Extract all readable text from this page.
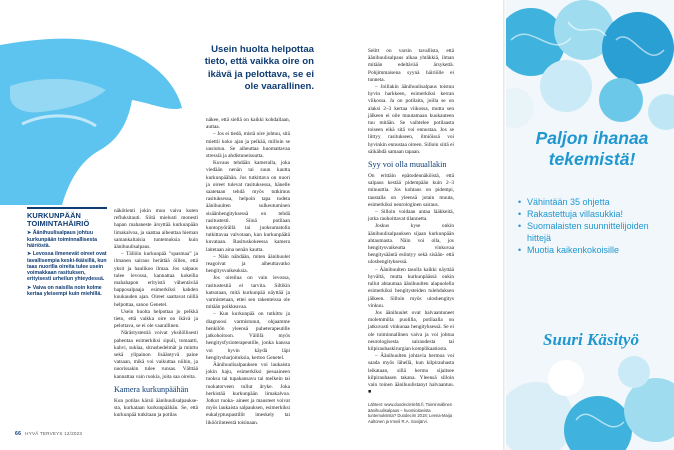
Usein huolta helpottaa tieto, että vaikka oire on ikävä ja pelottava, se ei ole vaarallinen.
KURKUNPÄÄN TOIMINTAHÄIRIÖ

➤ Äänihuulisalpaus johtuu kurkunpään toiminnallisesta häiriöstä.

➤ Levossa ilmenevät oireet ovat tavallisempia keski-ikäisillä, kun taas nuorilla oireita tulee usein voimakkaan rasituksen, erityisesti urheilun yhteydessä.

➤ Vaiva on naisilla noin kolme kertaa yleisempi kuin miehillä.

näkötienti jokin muu vaiva kuten refluksitauti. Siitä mielusti monesti hapan mahaneste ärsyttää kurkunpään limakalvoa, ja saattaa aiheuttaa hieman samankaltaisia tuntemuksia kuin äänihuulisalpaus.

– Tällöin kurkunpää ”spasmaa” ja ilmanen sairaus herättää öillen, että yksit ja haulikoo ilmaa. Jos salpaus tulee levossa, kannattaa kokeilla mahahapon erityistä vähentävää happosalpaaja esimerkiksi kahden kuukauden ajan. Oireet saattavat niillä helpottaa, sanoo Genetel.

Usein huolta helpottaa jo pelkkä tieto, että vaikka oire on ikävä ja pelottava, se ei ole vaarallinen.

Närästystestiä voivat yksilöllisesti pahentaa esimerkiksi sipuli, tomaatti, kahvi, suklaa, sitrushedelmät ja minttu sekä ylipainon lisääntyvä paine vatsaan, mikä voi vaikuttaa niihin, ja nuorissakin tulee runsas. Välttää kannattaa vain ruokia, joita saa oireita.

Kamera kurkunpäähän

Kun potilas kärsii äänihuulisalpauksesta, kurkataan kurkunpäähän. Se, että kurkunpää tutkitaan ja potilas

näkee, että siellä on kaikki kohdallaan, auttaa.

– Jos ei tiedä, mistä oire johtuu, sitä miettii koko ajan ja pelkää, milloin se uusiutuu. Se aiheuttaa huomattavaa stressiä ja ahdistuneisuutta.

Kuvaus tehdään kameralla, joka viedään nenän tai suun kautta kurkunpäähän. Jos tutkittava on nuori ja oireet tulevat rasituksessa, hänelle saatetaan tehdä myös tutkimus rasituksessa, helpoin tapa todeta äänihuulten sulkeutuminen sisäänhengityksessä on tehdä rasitustesti. Siinä potilaan kuntopyörällä tai juoksumatolla tutkittavaa valvotaan, kun kurkunpäätä kuvataan. Rasituskokeessa kamera laitetaan aina nenän kautta.

– Näin nähdään, miten äänihuulet reagoivat ja aiheuttavatko hengitysvaikeuksia.

Jos oireilua on vain levossa, rasitustestiä ei tarvita. Siltikin katsotaan, mitä kurkunpää näyttää ja varmistetaan, ettei sen rakenteissa ole mitään poikkeavaa.

– Kun kurkunpää on tutkittu ja diagnoosi varmistunut, ohjaamme henkilön yleensä puheterapeutille jatkohoitoon. Välillä myös hengitysfysioterapeutille, jonka kanssa voi hyvin käydä läpi hengitysharjoituksia, kertoo Genetel.

Äänihuulisalpauksen voi laukaista jokin haju, esimerkiksi pesuaineen tuoksu tai tupakansavu tai melkein tai ruokatorveen tullut åryke. Joka herkistää kurkunpään limakalvoa. Jotkut ruoka- aineet ja mausteet voivat myös laukaista salpauksen, esimerkiksi eukalyptuspastillit imeskely tai likööriinteestä toisinaan.

Selitt on varsin tavallista, että äänihuulisalpaus alkaa yhtäkkiä, ilman mitään edeltävää ärsykettä. Pohjimmaisena syynä häiriölle ei tunneta.

– Joillakin äänihuulisalpaus toistuu hyvin harkkeen, esimerkiksi kerran viikossa. Ja on potilaita, joilla se on alaksi 2–3 kertaa viikossa, mutta sen jälkeen ei oile muutamaan kuukauteen tuu mitään. Se vaihtelee potilaasta toiseen eikä sitä voi ennustaa. Jos se liittyy rasitukseen, ilmiöissä voi hyvinkin ennustaa oireen. Silloin siitä ei säikähdä samaan tapaan.

Syy voi olla muuallakin

On erittäin epätodennäköistä, että salpaus kestää pidempään kuin 2–3 minuuttia. Jos kohtaus on pidempi, taustalla on yleensä jotain muuta, esimerkiksi neurologinen sairaus.

– Silloin voidaan antaa lääkkeitä, jotka rauhoittavat tilannetta.

Joskus kyse onkin äänihuulisalpauksen sijaan kurkunpään ahtaumasta. Näin voi olla, jos hengitysvaikeutta vinkuvaa hengitysääntä esiintyy sekä sisään- että uloshengityksessä.

– Äänihuulten tasolla kaikki näyttää hyvältä, mutta kurkunpäässä onkin tullut ahtaumaa äänihuulten alapuolella esimerkiksi hengitysteiden tulehduksen jälkeen. Silloin myös uloshengitys vinkuu.

Jos äänihuulet ovat halvaantuneet molemmilla puolilla, potilaalla on jatkuvasti vinkunaa hengityksessä. Se ei ole toiminnallinen vaiva ja voi johtua neurologisesta sairaudesta tai kilpirauhaskirurgian komplikaatiosta.

– Äänihuulten johtavia hermoa voi saada myös lähellä, kun kilpirauhasta leikataan, sillä hermo sijaitsee kilpirauhasen takana. Yleensä silloin vain toinen äänihuulistanyt halvaantuu. ■

Lähteet: www.duodecimlehti.fi, Toiminnallinen äänihuulisalpaus – huomioitavista tuntemuksista? Duodecim 2018; Leena-Maija Aaltonen ja Irmeli R.A. Sovijärvi.
66 HYVÄ TERVEYS 12/2023
Paljon ihanaa tekemistä!
• Vähintään 35 ohjetta
• Rakastettuja villasukkia!
• Suomalaisten suunnittelijoiden hittejä
• Muotia kaikenkokoisille
Suuri Käsityö
